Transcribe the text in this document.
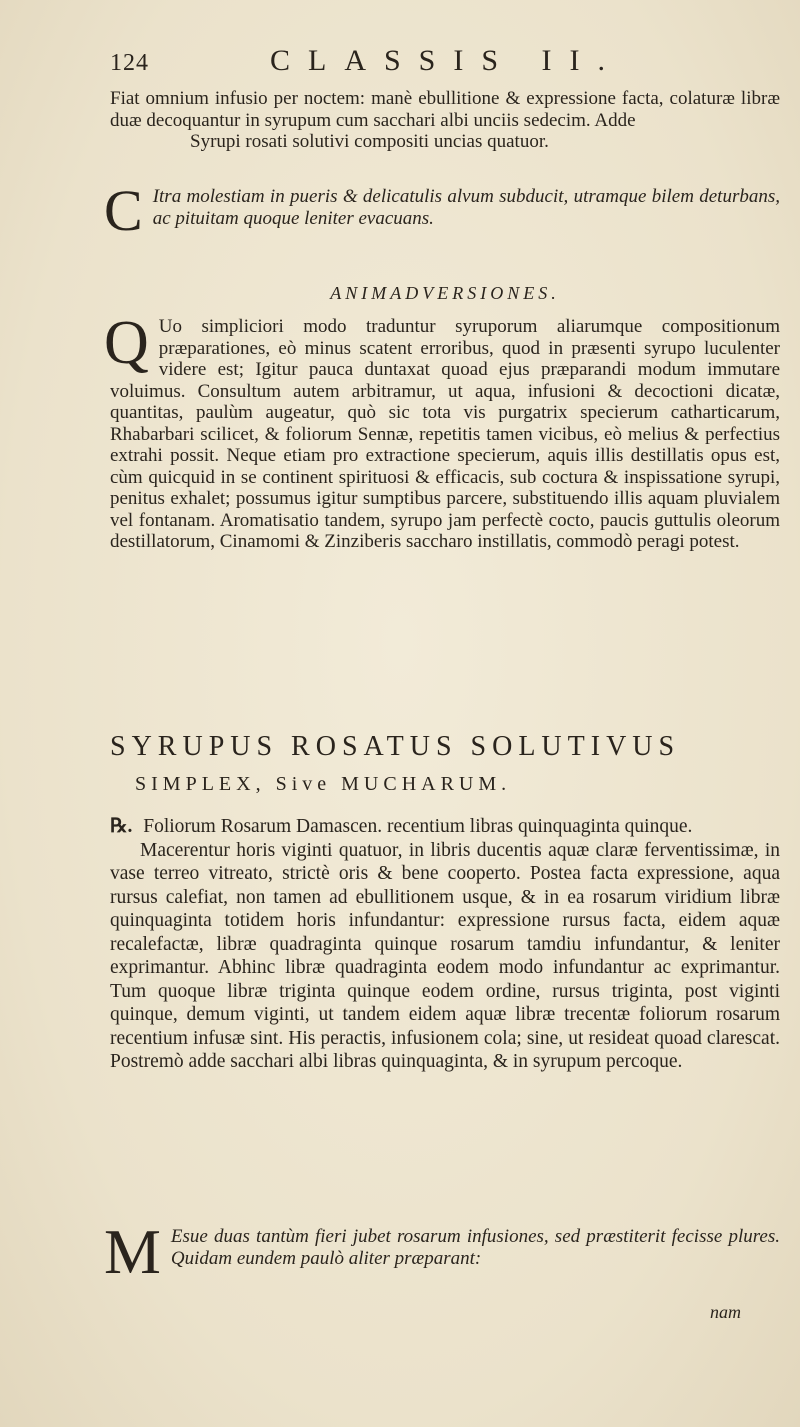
124	CLASSIS II.

Fiat omnium infusio per noctem: manè ebullitione & expressione facta, colaturæ libræ duæ decoquantur in syrupum cum sacchari albi unciis sedecim. Adde

Syrupi rosati solutivi compositi uncias quatuor.

C Itra molestiam in pueris & delicatulis alvum subducit, utramque bilem deturbans, ac pituitam quoque leniter evacuans.

ANIMADVERSIONES.

Q Uo simpliciori modo traduntur syruporum aliarumque compositionum præparationes, eò minus scatent erroribus, quod in præsenti syrupo luculenter videre est; Igitur pauca duntaxat quoad ejus præparandi modum immutare voluimus. Consultum autem arbitramur, ut aqua, infusioni & decoctioni dicatæ, quantitas, paulùm augeatur, quò sic tota vis purgatrix specierum catharticarum, Rhabarbari scilicet, & foliorum Sennæ, repetitis tamen vicibus, eò melius & perfectius extrahi possit. Neque etiam pro extractione specierum, aquis illis destillatis opus est, cùm quicquid in se continent spirituosi & efficacis, sub coctura & inspissatione syrupi, penitus exhalet; possumus igitur sumptibus parcere, substituendo illis aquam pluvialem vel fontanam. Aromatisatio tandem, syrupo jam perfectè cocto, paucis guttulis oleorum destillatorum, Cinamomi & Zinziberis saccharo instillatis, commodò peragi potest.

SYRUPUS ROSATUS SOLUTIVUS
SIMPLEX, Sive MUCHARUM.

℞. Foliorum Rosarum Damascen. recentium libras quinquaginta quinque.

Macerentur horis viginti quatuor, in libris ducentis aquæ claræ ferventissimæ, in vase terreo vitreato, strictè oris & bene cooperto. Postea facta expressione, aqua rursus calefiat, non tamen ad ebullitionem usque, & in ea rosarum viridium libræ quinquaginta totidem horis infundantur: expressione rursus facta, eidem aquæ recalefactæ, libræ quadraginta quinque rosarum tamdiu infundantur, & leniter exprimantur. Abhinc libræ quadraginta eodem modo infundantur ac exprimantur. Tum quoque libræ triginta quinque eodem ordine, rursus triginta, post viginti quinque, demum viginti, ut tandem eidem aquæ libræ trecentæ foliorum rosarum recentium infusæ sint. His peractis, infusionem cola; sine, ut resideat quoad clarescat. Postremò adde sacchari albi libras quinquaginta, & in syrupum percoque.

M Esue duas tantùm fieri jubet rosarum infusiones, sed præstiterit fecisse plures. Quidam eundem paulò aliter præparant:

nam
